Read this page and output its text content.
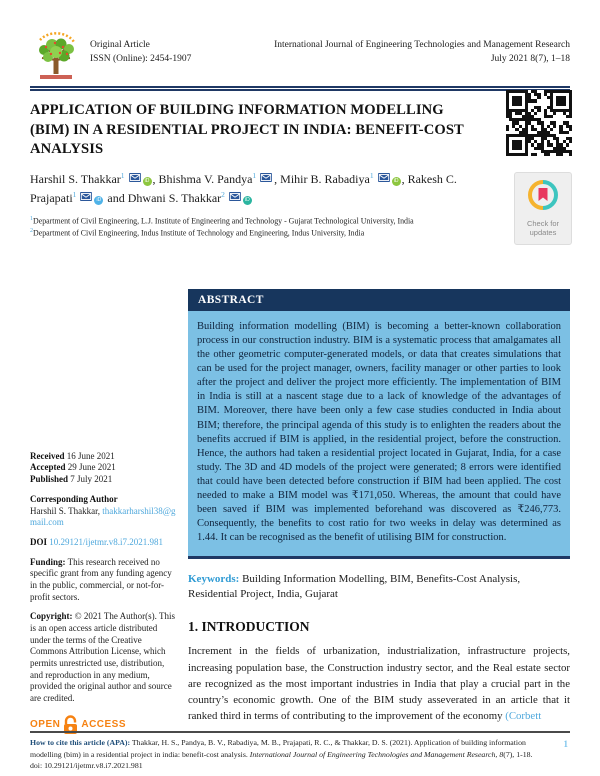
Original Article
ISSN (Online): 2454-1907
International Journal of Engineering Technologies and Management Research
July 2021 8(7), 1–18
APPLICATION OF BUILDING INFORMATION MODELLING (BIM) IN A RESIDENTIAL PROJECT IN INDIA: BENEFIT-COST ANALYSIS
Harshil S. Thakkar$^1$iD , Bhishma V. Pandya$^1$ , Mihir B. Rabadiya$^1$iD , Rakesh C. Prajapati$^1$iD and Dhwani S. Thakkar$^2$iD
$^1$Department of Civil Engineering, L.J. Institute of Engineering and Technology - Gujarat Technological University, India
$^2$Department of Civil Engineering, Indus Institute of Technology and Engineering, Indus University, India
Check for
updates
Received 16 June 2021
Accepted 29 June 2021
Published 7 July 2021
Corresponding Author
Harshil S. Thakkar, thakkarharshil38@gmail.com
DOI 10.29121/ijetmr.v8.i7.2021.981
Funding: This research received no specific grant from any funding agency in the public, commercial, or not-for-profit sectors.
Copyright: © 2021 The Author(s). This is an open access article distributed under the terms of the Creative Commons Attribution License, which permits unrestricted use, distribution, and reproduction in any medium, provided the original author and source are credited.
OPEN ACCESS
ABSTRACT
Building information modelling (BIM) is becoming a better-known collaboration process in our construction industry. BIM is a systematic process that amalgamates all the other geometric computer-generated models, or data that creates simulations that can be used for the project manager, owners, facility manager or other parties to look after the project and deliver the project more efficiently. The implementation of BIM in India is still at a nascent stage due to a lack of knowledge of the advantages of BIM. Moreover, there have been only a few case studies conducted in India about BIM; therefore, the principal agenda of this study is to enlighten the readers about the benefits accrued if BIM is applied, in the residential project, before the construction. Hence, the authors had taken a residential project located in Gujarat, India, for a case study. The 3D and 4D models of the project were generated; 8 errors were identified that could have been detected before construction if BIM had been applied. The cost needed to make a BIM model was ₹171,050. Whereas, the amount that could have been saved if BIM was implemented beforehand was discovered as ₹246,773. Consequently, the benefits to cost ratio for two weeks in delay was determined as 1.44. It can be recognised as the benefit of utilising BIM for construction.
Keywords: Building Information Modelling, BIM, Benefits-Cost Analysis, Residential Project, India, Gujarat
1. INTRODUCTION
Increment in the fields of urbanization, industrialization, infrastructure projects, increasing population base, the Construction industry sector, and the Real estate sector are recognized as the most important industries in India that play a crucial part in the country’s economic growth. One of the BIM study asseverated in an article that it ranked third in terms of contributing to the improvement of the economy (Corbett
How to cite this article (APA): Thakkar, H. S., Pandya, B. V., Rabadiya, M. B., Prajapati, R. C., & Thakkar, D. S. (2021). Application of building information modelling (bim) in a residential project in india: benefit-cost analysis. International Journal of Engineering Technologies and Management Research, 8(7), 1-18. doi: 10.29121/ijetmr.v8.i7.2021.981
1
